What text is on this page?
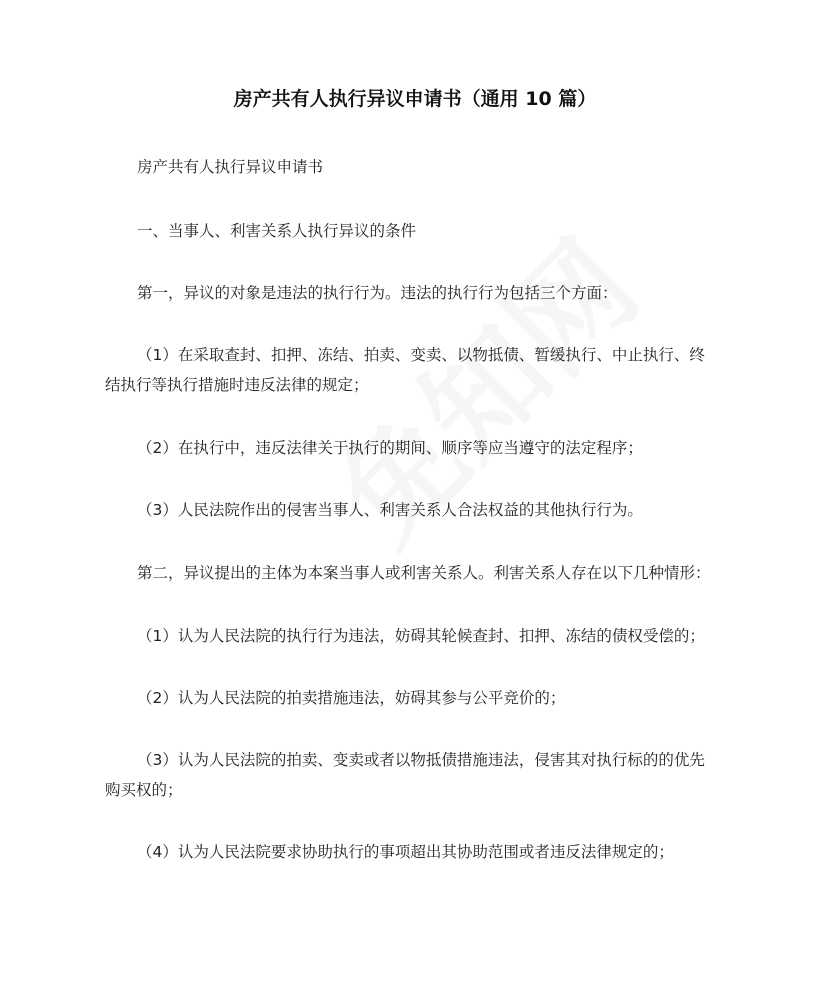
房产共有人执行异议申请书（通用 10 篇）
房产共有人执行异议申请书
一、当事人、利害关系人执行异议的条件
第一，异议的对象是违法的执行行为。违法的执行行为包括三个方面：
（1）在采取查封、扣押、冻结、拍卖、变卖、以物抵债、暂缓执行、中止执行、终
结执行等执行措施时违反法律的规定；
（2）在执行中，违反法律关于执行的期间、顺序等应当遵守的法定程序；
（3）人民法院作出的侵害当事人、利害关系人合法权益的其他执行行为。
第二，异议提出的主体为本案当事人或利害关系人。利害关系人存在以下几种情形：
（1）认为人民法院的执行行为违法，妨碍其轮候查封、扣押、冻结的债权受偿的；
（2）认为人民法院的拍卖措施违法，妨碍其参与公平竞价的；
（3）认为人民法院的拍卖、变卖或者以物抵债措施违法，侵害其对执行标的的优先
购买权的；
（4）认为人民法院要求协助执行的事项超出其协助范围或者违反法律规定的；
